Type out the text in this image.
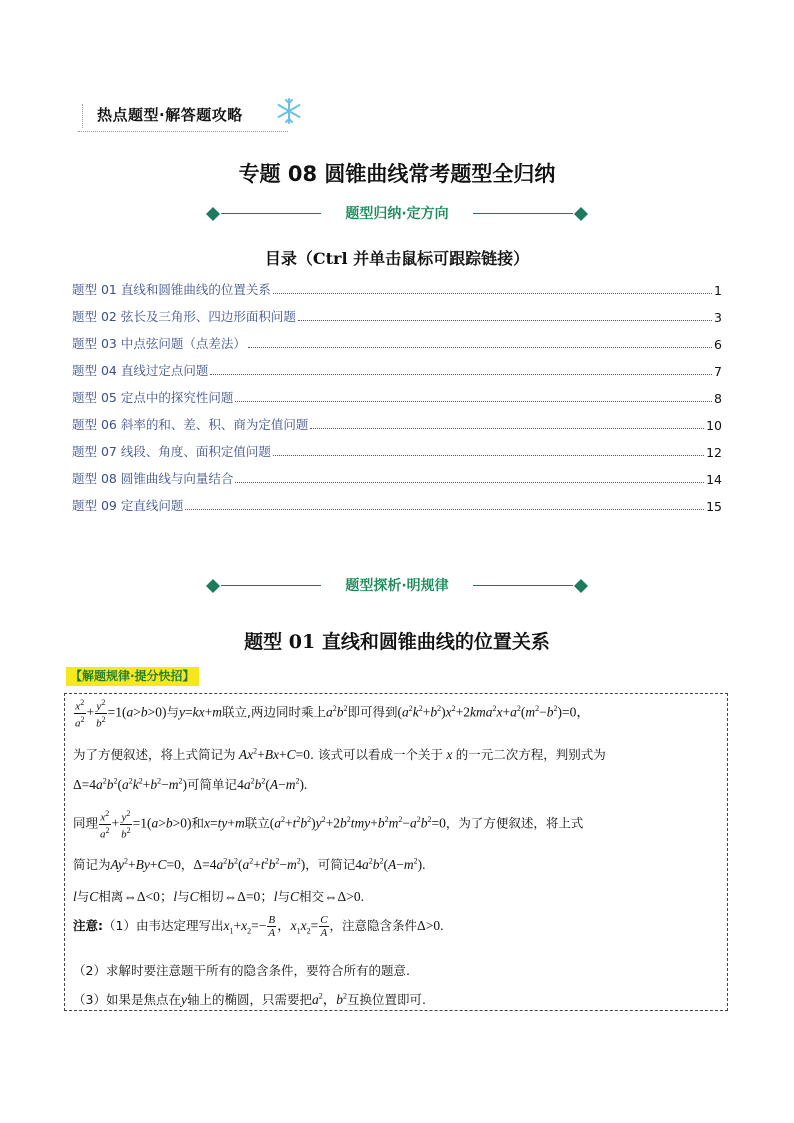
热点题型·解答题攻略
专题 08 圆锥曲线常考题型全归纳
题型归纳·定方向
目录（Ctrl 并单击鼠标可跟踪链接）
题型 01 直线和圆锥曲线的位置关系	1
题型 02 弦长及三角形、四边形面积问题	3
题型 03 中点弦问题（点差法）	6
题型 04 直线过定点问题	7
题型 05 定点中的探究性问题	8
题型 06 斜率的和、差、积、商为定值问题	10
题型 07 线段、角度、面积定值问题	12
题型 08 圆锥曲线与向量结合	14
题型 09 定直线问题	15
题型探析·明规律
题型 01 直线和圆锥曲线的位置关系
【解题规律·提分快招】
$\frac{x^2}{a^2} + \frac{y^2}{b^2} =1(a>b>0)$与y=kx+m联立,两边同时乘上$a^2b^2$即可得到$(a^2k^2+b^2)x^2+2kma^2x+a^2(m^2-b^2)=0$，
为了方便叙述，将上式简记为 $Ax^2+Bx+C=0$. 该式可以看成一个关于 x 的一元二次方程，判别式为
$\Delta=4a^2b^2(a^2k^2+b^2-m^2)$可简单记$4a^2b^2(A-m^2)$.
同理 $\frac{x^2}{a^2} + \frac{y^2}{b^2} =1(a>b>0)$和x=ty+m联立$(a^2+t^2b^2)y^2+2b^2tmy+b^2m^2-a^2b^2=0$，为了方便叙述，将上式
简记为$Ay^2+By+C=0$，$\Delta=4a^2b^2(a^2+t^2b^2-m^2)$，可简记$4a^2b^2(A-m^2)$.
l与C相离⇔Δ<0；l与C相切⇔Δ=0；l与C相交⇔Δ>0.
注意:（1）由韦达定理写出$x_1+x_2=- \frac{B}{A}$ ，$x_1x_2= \frac{C}{A}$ ，注意隐含条件Δ>0.
（2）求解时要注意题干所有的隐含条件，要符合所有的题意.
（3）如果是焦点在y轴上的椭圆，只需要把$a^2$，$b^2$互换位置即可.
